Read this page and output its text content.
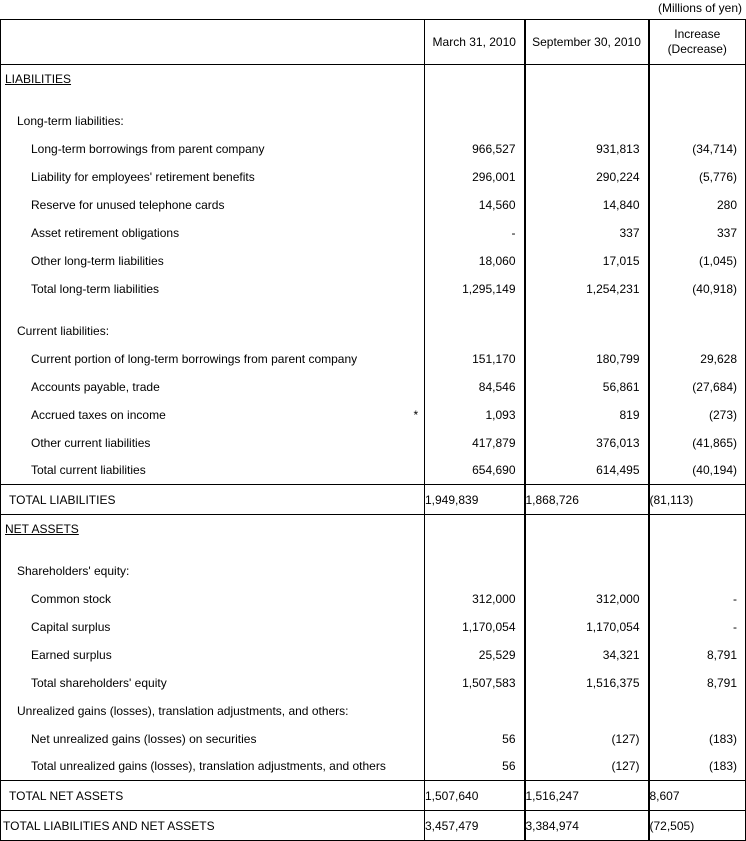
(Millions of yen)
	March 31, 2010	September 30, 2010	Increase
(Decrease)

LIABILITIES			

Long-term liabilities:			
Long-term borrowings from parent company	966,527	931,813	(34,714)
Liability for employees' retirement benefits	296,001	290,224	(5,776)
Reserve for unused telephone cards	14,560	14,840	280
Asset retirement obligations	-	337	337
Other long-term liabilities	18,060	17,015	(1,045)
Total long-term liabilities	1,295,149	1,254,231	(40,918)

Current liabilities:			
Current portion of long-term borrowings from parent company	151,170	180,799	29,628
Accounts payable, trade	84,546	56,861	(27,684)
Accrued taxes on income	1,093	* 819	(273)
Other current liabilities	417,879	376,013	(41,865)
Total current liabilities	654,690	614,495	(40,194)
TOTAL LIABILITIES	1,949,839	1,868,726	(81,113)
NET ASSETS			

Shareholders' equity:			
Common stock	312,000	312,000	-
Capital surplus	1,170,054	1,170,054	-
Earned surplus	25,529	34,321	8,791
Total shareholders' equity	1,507,583	1,516,375	8,791
Unrealized gains (losses), translation adjustments, and others:			
Net unrealized gains (losses) on securities	56	(127)	(183)
Total unrealized gains (losses), translation adjustments, and others	56	(127)	(183)
TOTAL NET ASSETS	1,507,640	1,516,247	8,607
TOTAL LIABILITIES AND NET ASSETS	3,457,479	3,384,974	(72,505)
